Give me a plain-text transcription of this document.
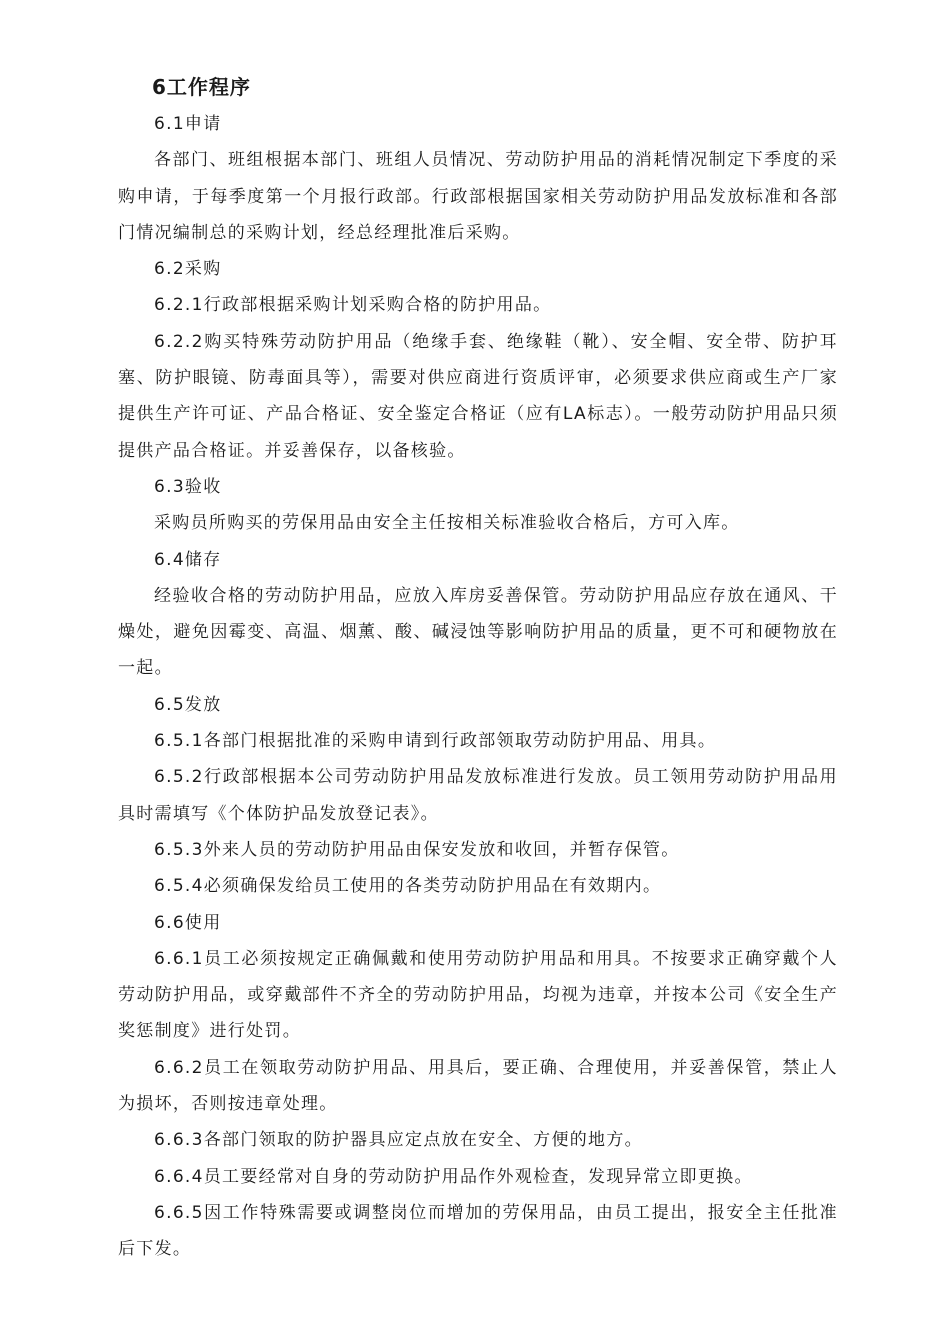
6工作程序

6.1申请

各部门、班组根据本部门、班组人员情况、劳动防护用品的消耗情况制定下季度的采购申请，于每季度第一个月报行政部。行政部根据国家相关劳动防护用品发放标准和各部门情况编制总的采购计划，经总经理批准后采购。

6.2采购

6.2.1行政部根据采购计划采购合格的防护用品。

6.2.2购买特殊劳动防护用品（绝缘手套、绝缘鞋（靴）、安全帽、安全带、防护耳塞、防护眼镜、防毒面具等），需要对供应商进行资质评审，必须要求供应商或生产厂家提供生产许可证、产品合格证、安全鉴定合格证（应有LA标志）。一般劳动防护用品只须提供产品合格证。并妥善保存，以备核验。

6.3验收

采购员所购买的劳保用品由安全主任按相关标准验收合格后，方可入库。

6.4储存

经验收合格的劳动防护用品，应放入库房妥善保管。劳动防护用品应存放在通风、干燥处，避免因霉变、高温、烟薰、酸、碱浸蚀等影响防护用品的质量，更不可和硬物放在一起。

6.5发放

6.5.1各部门根据批准的采购申请到行政部领取劳动防护用品、用具。

6.5.2行政部根据本公司劳动防护用品发放标准进行发放。员工领用劳动防护用品用具时需填写《个体防护品发放登记表》。

6.5.3外来人员的劳动防护用品由保安发放和收回，并暂存保管。

6.5.4必须确保发给员工使用的各类劳动防护用品在有效期内。

6.6使用

6.6.1员工必须按规定正确佩戴和使用劳动防护用品和用具。不按要求正确穿戴个人劳动防护用品，或穿戴部件不齐全的劳动防护用品，均视为违章，并按本公司《安全生产奖惩制度》进行处罚。

6.6.2员工在领取劳动防护用品、用具后，要正确、合理使用，并妥善保管，禁止人为损坏，否则按违章处理。

6.6.3各部门领取的防护器具应定点放在安全、方便的地方。

6.6.4员工要经常对自身的劳动防护用品作外观检查，发现异常立即更换。

6.6.5因工作特殊需要或调整岗位而增加的劳保用品，由员工提出，报安全主任批准后下发。
